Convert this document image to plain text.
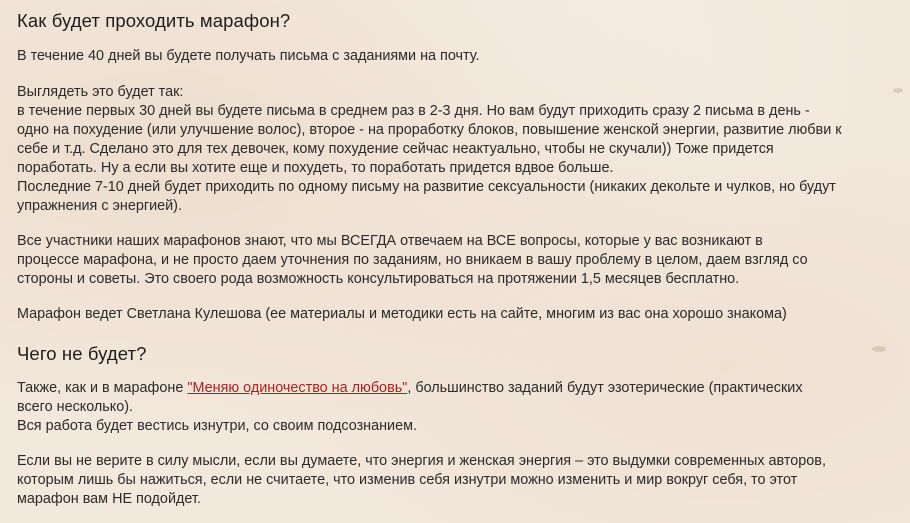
Как будет проходить марафон?

В течение 40 дней вы будете получать письма с заданиями на почту.

Выглядеть это будет так:
в течение первых 30 дней вы будете письма в среднем раз в 2-3 дня. Но вам будут приходить сразу 2 письма в день -
одно на похудение (или улучшение волос), второе - на проработку блоков, повышение женской энергии, развитие любви к
себе и т.д. Сделано это для тех девочек, кому похудение сейчас неактуально, чтобы не скучали)) Тоже придется
поработать. Ну а если вы хотите еще и похудеть, то поработать придется вдвое больше.
Последние 7-10 дней будет приходить по одному письму на развитие сексуальности (никаких декольте и чулков, но будут
упражнения с энергией).

Все участники наших марафонов знают, что мы ВСЕГДА отвечаем на ВСЕ вопросы, которые у вас возникают в
процессе марафона, и не просто даем уточнения по заданиям, но вникаем в вашу проблему в целом, даем взгляд со
стороны и советы. Это своего рода возможность консультироваться на протяжении 1,5 месяцев бесплатно.

Марафон ведет Светлана Кулешова (ее материалы и методики есть на сайте, многим из вас она хорошо знакома)

Чего не будет?

Также, как и в марафоне "Меняю одиночество на любовь", большинство заданий будут эзотерические (практических
всего несколько).
Вся работа будет вестись изнутри, со своим подсознанием.

Если вы не верите в силу мысли, если вы думаете, что энергия и женская энергия – это выдумки современных авторов,
которым лишь бы нажиться, если не считаете, что изменив себя изнутри можно изменить и мир вокруг себя, то этот
марафон вам НЕ подойдет.
